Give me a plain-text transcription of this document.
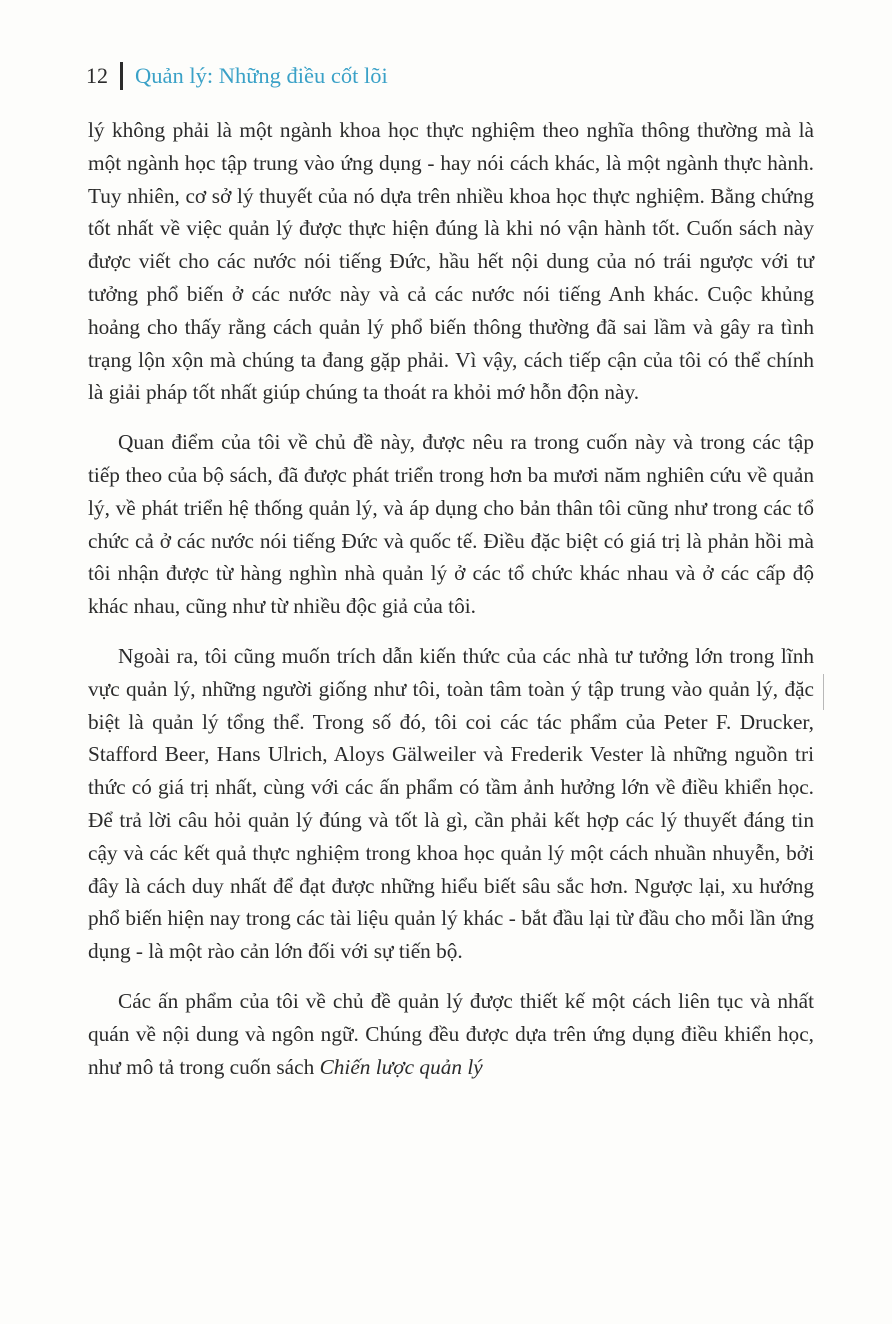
12 Quản lý: Những điều cốt lõi

lý không phải là một ngành khoa học thực nghiệm theo nghĩa thông thường mà là một ngành học tập trung vào ứng dụng - hay nói cách khác, là một ngành thực hành. Tuy nhiên, cơ sở lý thuyết của nó dựa trên nhiều khoa học thực nghiệm. Bằng chứng tốt nhất về việc quản lý được thực hiện đúng là khi nó vận hành tốt. Cuốn sách này được viết cho các nước nói tiếng Đức, hầu hết nội dung của nó trái ngược với tư tưởng phổ biến ở các nước này và cả các nước nói tiếng Anh khác. Cuộc khủng hoảng cho thấy rằng cách quản lý phổ biến thông thường đã sai lầm và gây ra tình trạng lộn xộn mà chúng ta đang gặp phải. Vì vậy, cách tiếp cận của tôi có thể chính là giải pháp tốt nhất giúp chúng ta thoát ra khỏi mớ hỗn độn này.

Quan điểm của tôi về chủ đề này, được nêu ra trong cuốn này và trong các tập tiếp theo của bộ sách, đã được phát triển trong hơn ba mươi năm nghiên cứu về quản lý, về phát triển hệ thống quản lý, và áp dụng cho bản thân tôi cũng như trong các tổ chức cả ở các nước nói tiếng Đức và quốc tế. Điều đặc biệt có giá trị là phản hồi mà tôi nhận được từ hàng nghìn nhà quản lý ở các tổ chức khác nhau và ở các cấp độ khác nhau, cũng như từ nhiều độc giả của tôi.

Ngoài ra, tôi cũng muốn trích dẫn kiến thức của các nhà tư tưởng lớn trong lĩnh vực quản lý, những người giống như tôi, toàn tâm toàn ý tập trung vào quản lý, đặc biệt là quản lý tổng thể. Trong số đó, tôi coi các tác phẩm của Peter F. Drucker, Stafford Beer, Hans Ulrich, Aloys Gälweiler và Frederik Vester là những nguồn tri thức có giá trị nhất, cùng với các ấn phẩm có tầm ảnh hưởng lớn về điều khiển học. Để trả lời câu hỏi quản lý đúng và tốt là gì, cần phải kết hợp các lý thuyết đáng tin cậy và các kết quả thực nghiệm trong khoa học quản lý một cách nhuần nhuyễn, bởi đây là cách duy nhất để đạt được những hiểu biết sâu sắc hơn. Ngược lại, xu hướng phổ biến hiện nay trong các tài liệu quản lý khác - bắt đầu lại từ đầu cho mỗi lần ứng dụng - là một rào cản lớn đối với sự tiến bộ.

Các ấn phẩm của tôi về chủ đề quản lý được thiết kế một cách liên tục và nhất quán về nội dung và ngôn ngữ. Chúng đều được dựa trên ứng dụng điều khiển học, như mô tả trong cuốn sách Chiến lược quản lý
